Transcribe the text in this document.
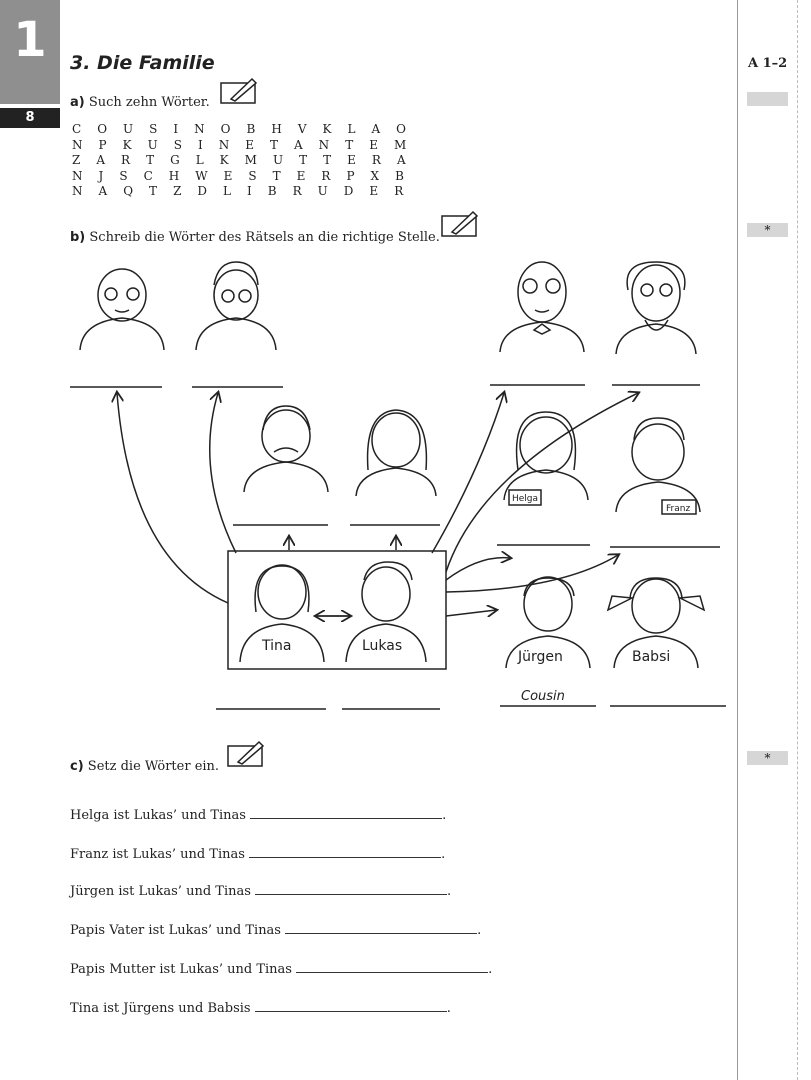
1
8
A 1–2
*
*
3. Die Familie
a) Such zehn Wörter.
C O U S I N O B H V K L A O
N P K U S I N E T A N T E M
Z A R T G L K M U T T E R A
N J S C H W E S T E R P X B
N A Q T Z D L I B R U D E R
b) Schreib die Wörter des Rätsels an die richtige Stelle.
Tina	Lukas
Jürgen	Babsi
Cousin
Helga
Franz
c) Setz die Wörter ein.
Helga ist Lukas’ und Tinas	.
Franz ist Lukas’ und Tinas	.
Jürgen ist Lukas’ und Tinas	.
Papis Vater ist Lukas’ und Tinas	.
Papis Mutter ist Lukas’ und Tinas	.
Tina ist Jürgens und Babsis	.
